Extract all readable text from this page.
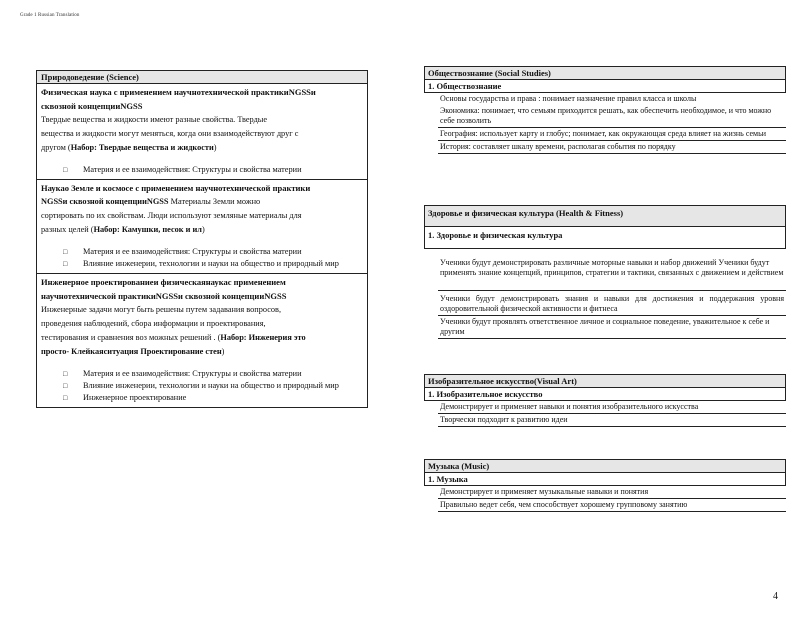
Grade 1 Russian Translation
Природоведение (Science)
Физическая наука с применением научнотехнической практикиNGSSи
сквозной концепцииNGSS
Твердые вещества и жидкости имеют разные свойства. Твердые
вещества и жидкости могут меняться, когда они взаимодействуют друг с
другом (Набор: Твердые вещества и жидкости)
□ Материя и ее взаимодействия: Структуры и свойства материи
Наукао Земле и космосе с применением научнотехнической практики
NGSSи сквозной концепцииNGSS Материалы Земли можно
сортировать по их свойствам. Люди используют земляные материалы для
разных целей (Набор: Камушки, песок и ил)
□ Материя и ее взаимодействия: Структуры и свойства материи
□ Влияние инженерии, технологии и науки на общество и природный мир
Инженерное проектированиеи физическаянаукас применением
научнотехнической практикиNGSSи сквозной концепцииNGSS
Инженерные задачи могут быть решены путем задавания вопросов,
проведения наблюдений, сбора информации и проектирования,
тестирования и сравнения воз можных решений . (Набор: Инженерия это
просто- Клейкаяситуация Проектирование стен)
□ Материя и ее взаимодействия: Структуры и свойства материи
□ Влияние инженерии, технологии и науки на общество и природный мир
□ Инженерное проектирование
Обществознание (Social Studies)
1. Обществознание
Основы государства и права : понимает назначение правил класса и школы
Экономика: понимает, что семьям приходится решать, как обеспечить необходимое, и что можно себе позволить
География: использует карту и глобус; понимает, как окружающая среда влияет на жизнь семьи
История: составляет шкалу времени, располагая события по порядку
Здоровье и физическая культура (Health & Fitness)
1. Здоровье и физическая культура
Ученики будут демонстрировать различные моторные навыки и набор движений Ученики будут применять знание концепций, принципов, стратегии и тактики, связанных с движением и действием
Ученики будут демонстрировать знания и навыки для достижения и поддержания уровня оздоровительной физической активности и фитнеса
Ученики будут проявлять ответственное личное и социальное поведение, уважительное к себе и другим
Изобразительное искусство(Visual Art)
1. Изобразительное искусство
Демонстрирует и применяет навыки и понятия изобразительного искусства
Творчески подходит к развитию идеи
Музыка (Music)
1. Музыка
Демонстрирует и применяет музыкальные навыки и понятия
Правильно ведет себя, чем способствует хорошему групповому занятию
4
